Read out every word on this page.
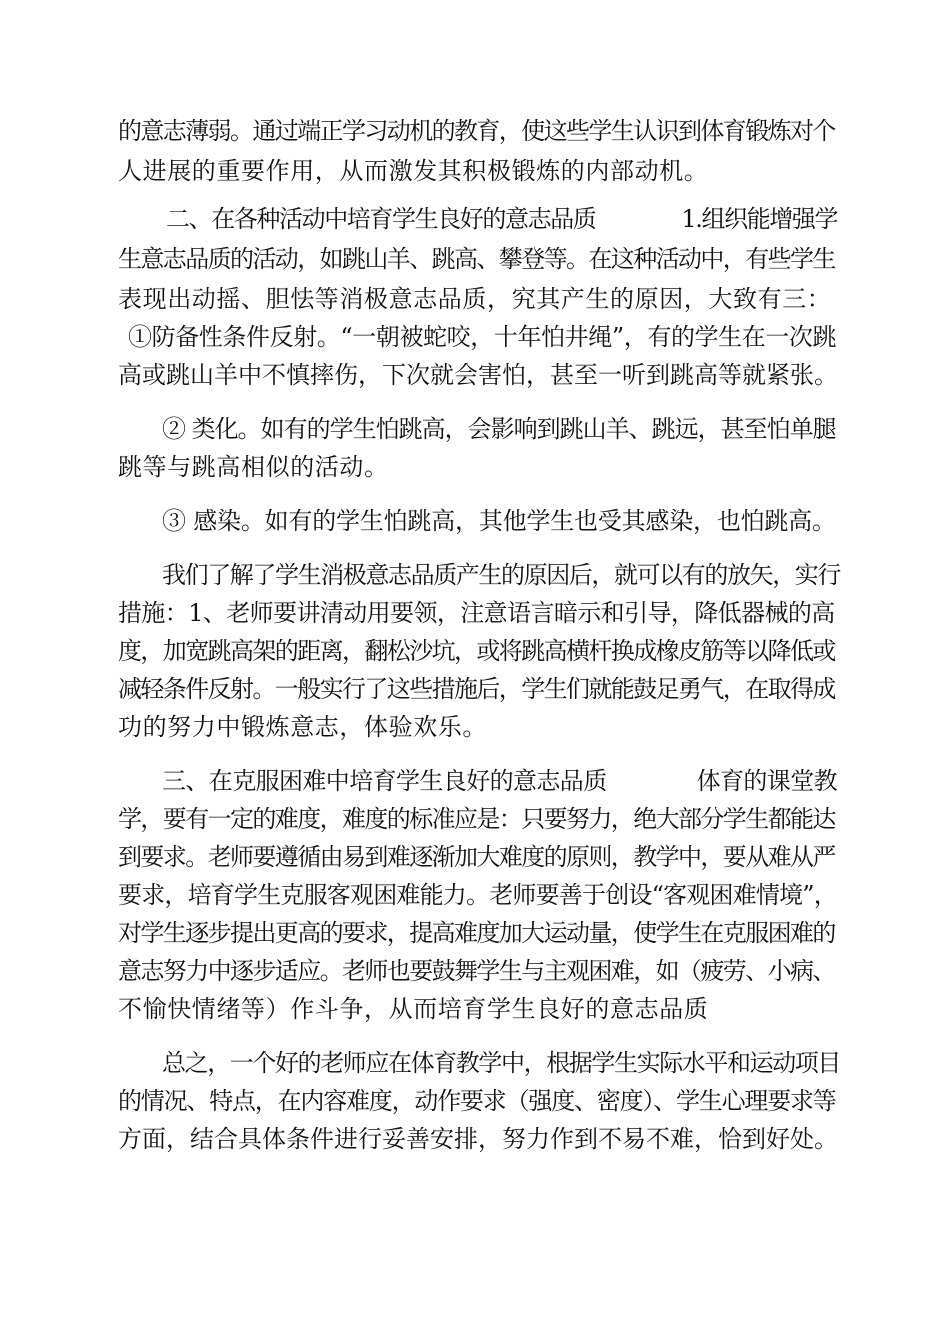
的意志薄弱。通过端正学习动机的教育，使这些学生认识到体育锻炼对个
人进展的重要作用，从而激发其积极锻炼的内部动机。
二、在各种活动中培育学生良好的意志品质	1.组织能增强学
生意志品质的活动，如跳山羊、跳高、攀登等。在这种活动中，有些学生
表现出动摇、胆怯等消极意志品质，究其产生的原因，大致有三：
①防备性条件反射。“一朝被蛇咬，十年怕井绳”，有的学生在一次跳
高或跳山羊中不慎摔伤，下次就会害怕，甚至一听到跳高等就紧张。
② 类化。如有的学生怕跳高，会影响到跳山羊、跳远，甚至怕单腿
跳等与跳高相似的活动。
③ 感染。如有的学生怕跳高，其他学生也受其感染，也怕跳高。
我们了解了学生消极意志品质产生的原因后，就可以有的放矢，实行
措施：1、老师要讲清动用要领，注意语言暗示和引导，降低器械的高
度，加宽跳高架的距离，翻松沙坑，或将跳高横杆换成橡皮筋等以降低或
减轻条件反射。一般实行了这些措施后，学生们就能鼓足勇气，在取得成
功的努力中锻炼意志，体验欢乐。
三、在克服困难中培育学生良好的意志品质	体育的课堂教
学，要有一定的难度，难度的标准应是：只要努力，绝大部分学生都能达
到要求。老师要遵循由易到难逐渐加大难度的原则，教学中，要从难从严
要求，培育学生克服客观困难能力。老师要善于创设“客观困难情境”，
对学生逐步提出更高的要求，提高难度加大运动量，使学生在克服困难的
意志努力中逐步适应。老师也要鼓舞学生与主观困难，如（疲劳、小病、
不愉快情绪等）作斗争，从而培育学生良好的意志品质
总之，一个好的老师应在体育教学中，根据学生实际水平和运动项目
的情况、特点，在内容难度，动作要求（强度、密度）、学生心理要求等
方面，结合具体条件进行妥善安排，努力作到不易不难，恰到好处。
